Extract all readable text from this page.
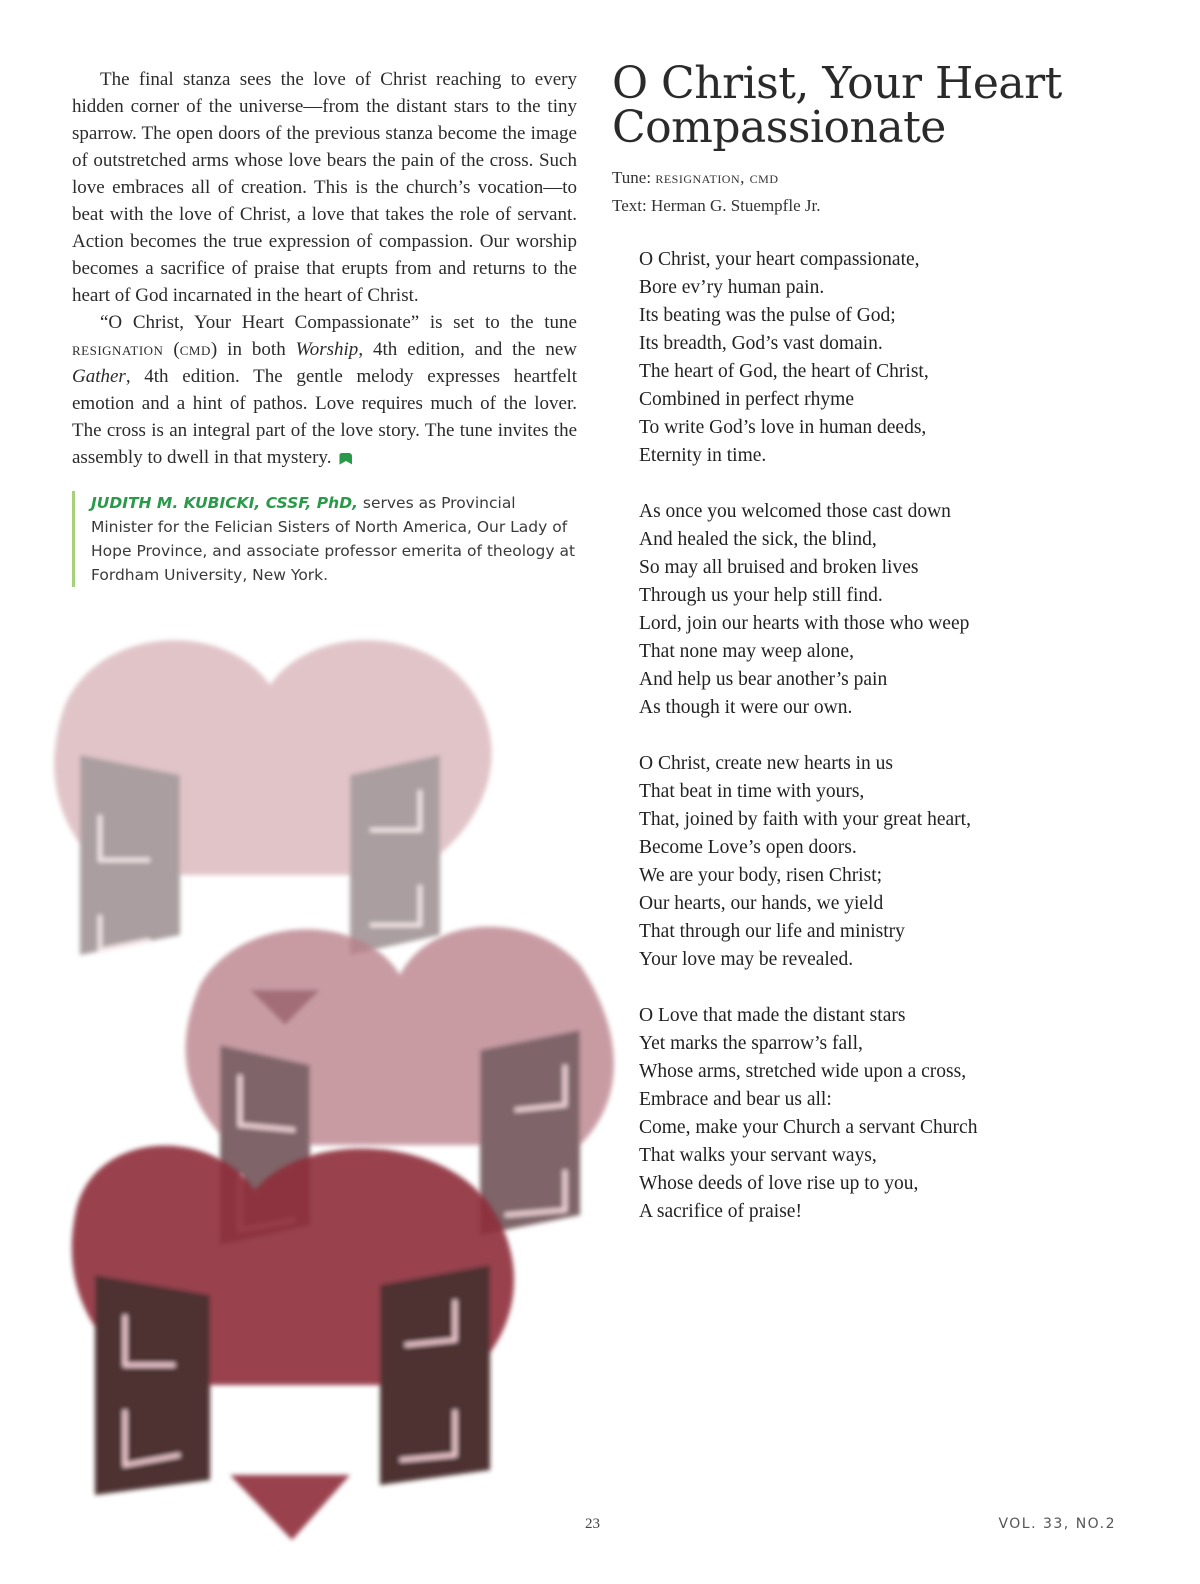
The final stanza sees the love of Christ reaching to every hidden corner of the universe—from the distant stars to the tiny sparrow. The open doors of the previous stanza become the image of outstretched arms whose love bears the pain of the cross. Such love embraces all of creation. This is the church’s vocation—to beat with the love of Christ, a love that takes the role of servant. Action becomes the true expression of compassion. Our worship becomes a sacrifice of praise that erupts from and returns to the heart of God incarnated in the heart of Christ.

“O Christ, Your Heart Compassionate” is set to the tune resignation (cmd) in both Worship, 4th edition, and the new Gather, 4th edition. The gentle melody expresses heartfelt emotion and a hint of pathos. Love requires much of the lover. The cross is an integral part of the love story. The tune invites the assembly to dwell in that mystery.

JUDITH M. KUBICKI, CSSF, PhD, serves as Provincial Minister for the Felician Sisters of North America, Our Lady of Hope Province, and associate professor emerita of theology at Fordham University, New York.
O Christ, Your Heart Compassionate
Tune: resignation, cmd
Text: Herman G. Stuempfle Jr.
O Christ, your heart compassionate,
Bore ev’ry human pain.
Its beating was the pulse of God;
Its breadth, God’s vast domain.
The heart of God, the heart of Christ,
Combined in perfect rhyme
To write God’s love in human deeds,
Eternity in time.
As once you welcomed those cast down
And healed the sick, the blind,
So may all bruised and broken lives
Through us your help still find.
Lord, join our hearts with those who weep
That none may weep alone,
And help us bear another’s pain
As though it were our own.
O Christ, create new hearts in us
That beat in time with yours,
That, joined by faith with your great heart,
Become Love’s open doors.
We are your body, risen Christ;
Our hearts, our hands, we yield
That through our life and ministry
Your love may be revealed.
O Love that made the distant stars
Yet marks the sparrow’s fall,
Whose arms, stretched wide upon a cross,
Embrace and bear us all:
Come, make your Church a servant Church
That walks your servant ways,
Whose deeds of love rise up to you,
A sacrifice of praise!
23	VOL. 33, NO.2
